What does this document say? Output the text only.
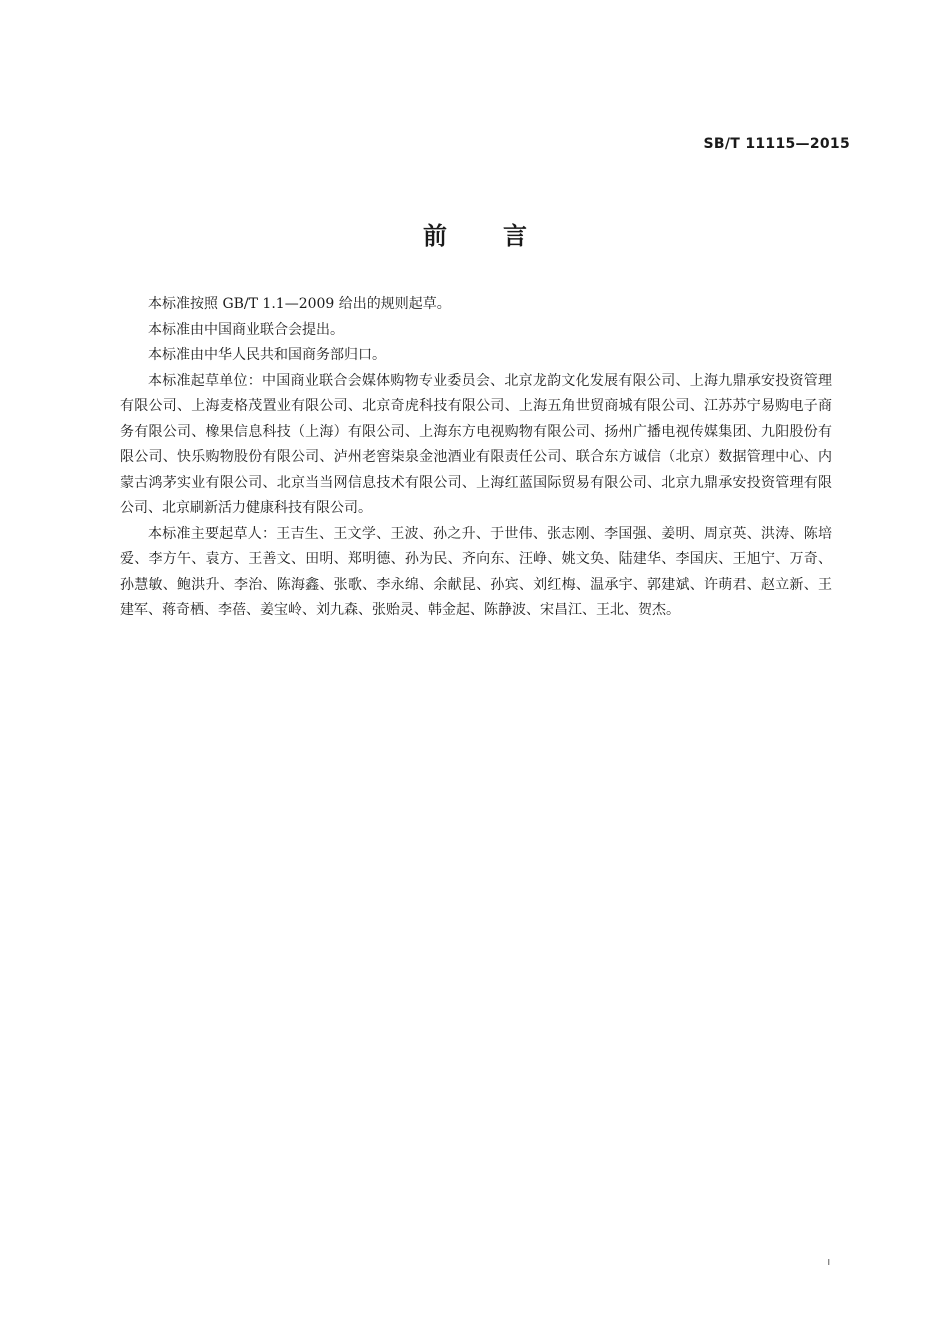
SB/T 11115—2015
前言

本标准按照 GB/T 1.1—2009 给出的规则起草。

本标准由中国商业联合会提出。

本标准由中华人民共和国商务部归口。

本标准起草单位：中国商业联合会媒体购物专业委员会、北京龙韵文化发展有限公司、上海九鼎承安投资管理有限公司、上海麦格茂置业有限公司、北京奇虎科技有限公司、上海五角世贸商城有限公司、江苏苏宁易购电子商务有限公司、橡果信息科技（上海）有限公司、上海东方电视购物有限公司、扬州广播电视传媒集团、九阳股份有限公司、快乐购物股份有限公司、泸州老窖柒泉金池酒业有限责任公司、联合东方诚信（北京）数据管理中心、内蒙古鸿茅实业有限公司、北京当当网信息技术有限公司、上海红蓝国际贸易有限公司、北京九鼎承安投资管理有限公司、北京刷新活力健康科技有限公司。

本标准主要起草人：王吉生、王文学、王波、孙之升、于世伟、张志刚、李国强、姜明、周京英、洪涛、陈培爱、李方午、袁方、王善文、田明、郑明德、孙为民、齐向东、汪峥、姚文奂、陆建华、李国庆、王旭宁、万奇、孙慧敏、鲍洪升、李治、陈海鑫、张歌、李永绵、余献昆、孙宾、刘红梅、温承宇、郭建斌、许萌君、赵立新、王建军、蒋奇栖、李蓓、姜宝岭、刘九森、张贻灵、韩金起、陈静波、宋昌江、王北、贺杰。

I
